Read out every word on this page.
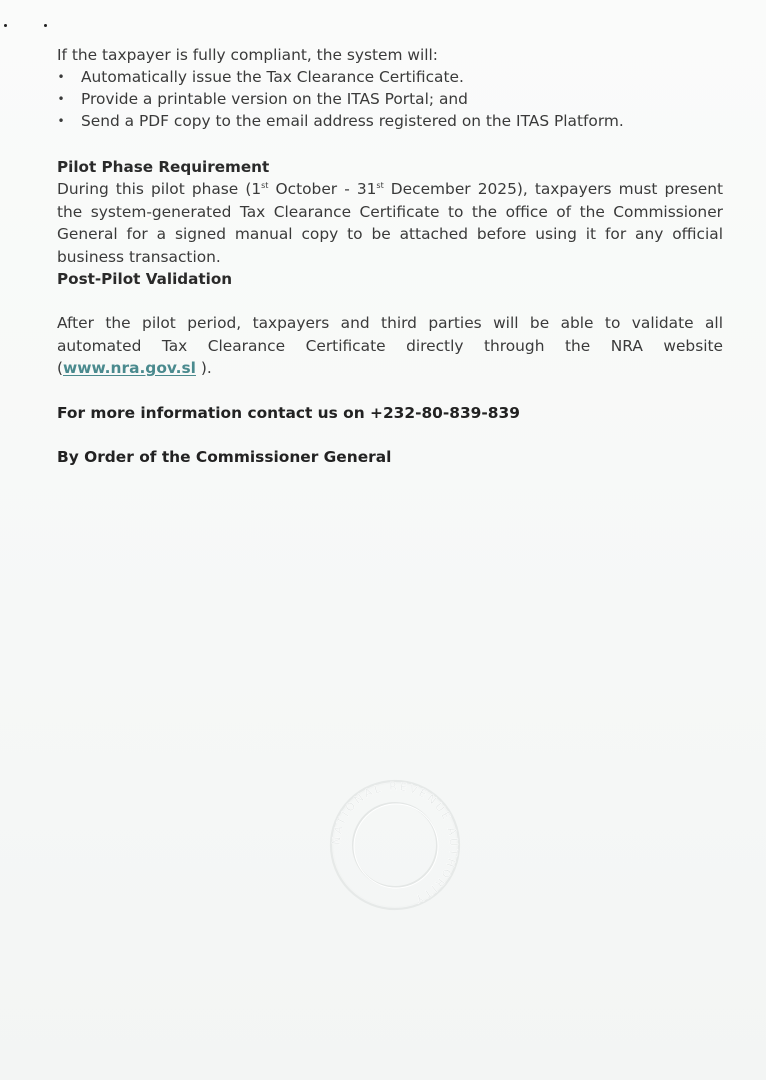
If the taxpayer is fully compliant, the system will:

• Automatically issue the Tax Clearance Certificate.
• Provide a printable version on the ITAS Portal; and
• Send a PDF copy to the email address registered on the ITAS Platform.
Pilot Phase Requirement

During this pilot phase (1st October - 31st December 2025), taxpayers must present the system-generated Tax Clearance Certificate to the office of the Commissioner General for a signed manual copy to be attached before using it for any official business transaction.

Post-Pilot Validation

After the pilot period, taxpayers and third parties will be able to validate all automated Tax Clearance Certificate directly through the NRA website (www.nra.gov.sl ).

For more information contact us on +232-80-839-839

By Order of the Commissioner General

NATIONAL REVENUE AUTHORITY
